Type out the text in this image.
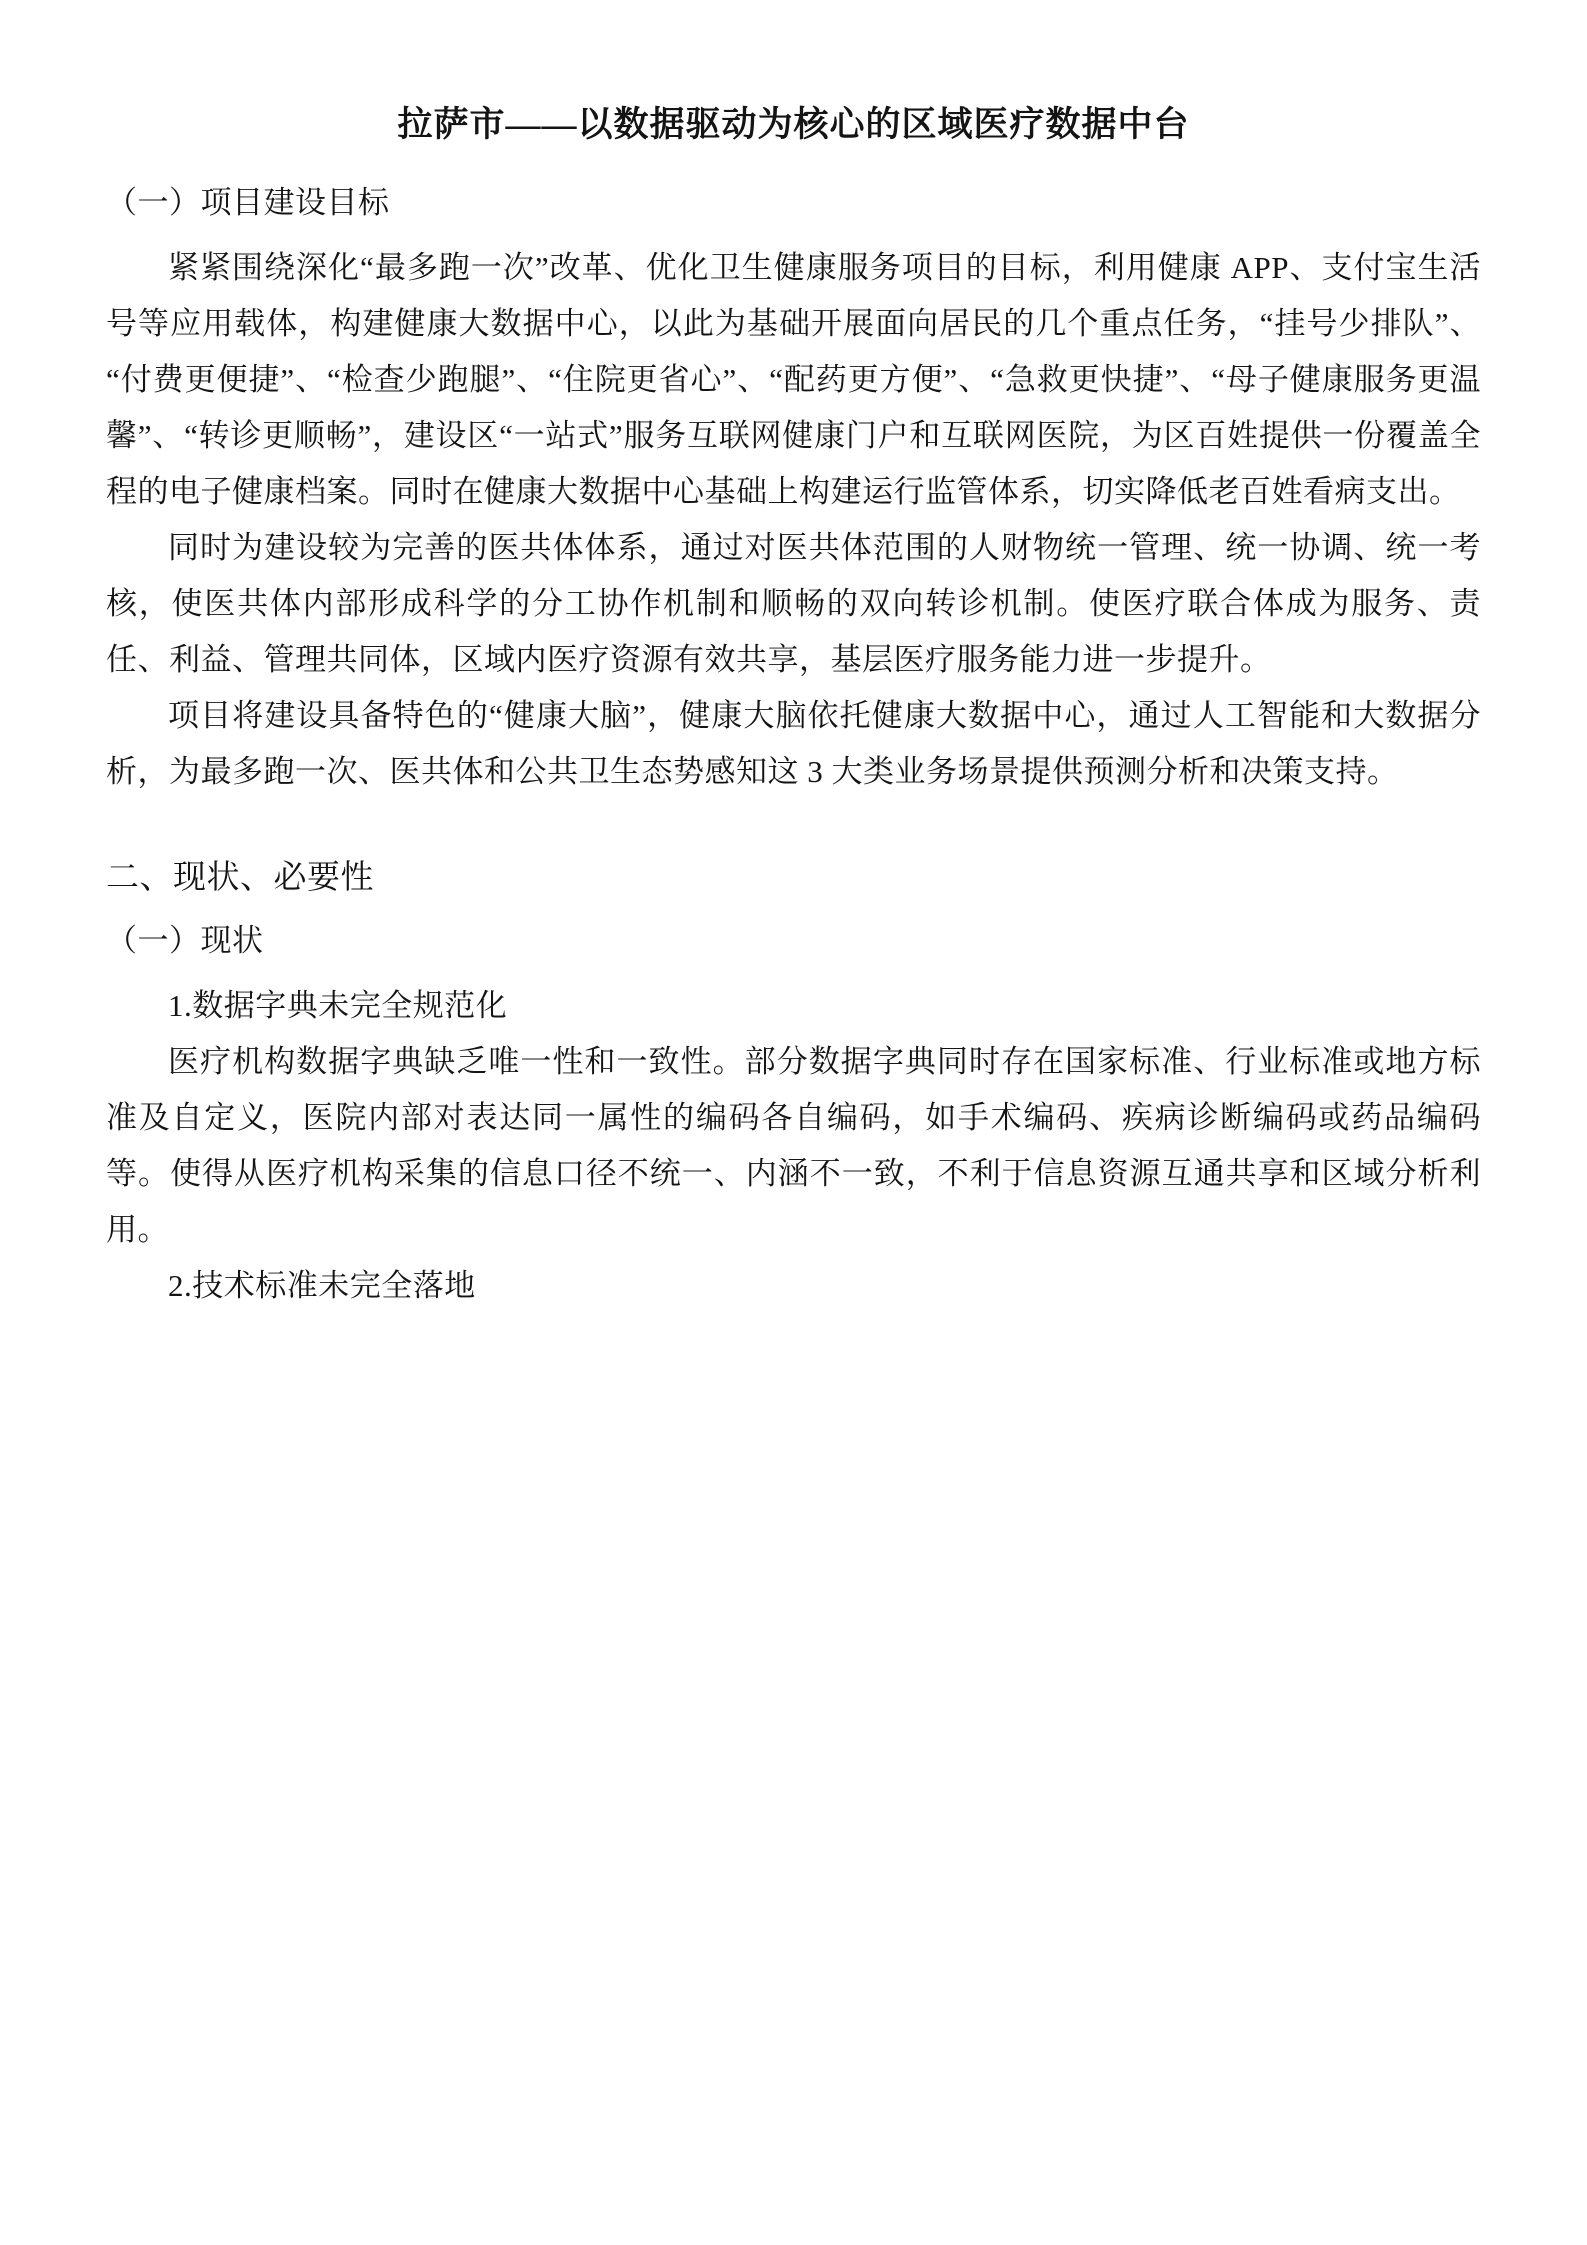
拉萨市——以数据驱动为核心的区域医疗数据中台

（一）项目建设目标

紧紧围绕深化“最多跑一次”改革、优化卫生健康服务项目的目标，利用健康 APP、支付宝生活号等应用载体，构建健康大数据中心，以此为基础开展面向居民的几个重点任务，“挂号少排队”、“付费更便捷”、“检查少跑腿”、“住院更省心”、“配药更方便”、“急救更快捷”、“母子健康服务更温馨”、“转诊更顺畅”，建设区“一站式”服务互联网健康门户和互联网医院，为区百姓提供一份覆盖全程的电子健康档案。同时在健康大数据中心基础上构建运行监管体系，切实降低老百姓看病支出。

同时为建设较为完善的医共体体系，通过对医共体范围的人财物统一管理、统一协调、统一考核，使医共体内部形成科学的分工协作机制和顺畅的双向转诊机制。使医疗联合体成为服务、责任、利益、管理共同体，区域内医疗资源有效共享，基层医疗服务能力进一步提升。

项目将建设具备特色的“健康大脑”，健康大脑依托健康大数据中心，通过人工智能和大数据分析，为最多跑一次、医共体和公共卫生态势感知这 3 大类业务场景提供预测分析和决策支持。

二、现状、必要性

（一）现状

1.数据字典未完全规范化

医疗机构数据字典缺乏唯一性和一致性。部分数据字典同时存在国家标准、行业标准或地方标准及自定义，医院内部对表达同一属性的编码各自编码，如手术编码、疾病诊断编码或药品编码等。使得从医疗机构采集的信息口径不统一、内涵不一致，不利于信息资源互通共享和区域分析利用。

2.技术标准未完全落地
